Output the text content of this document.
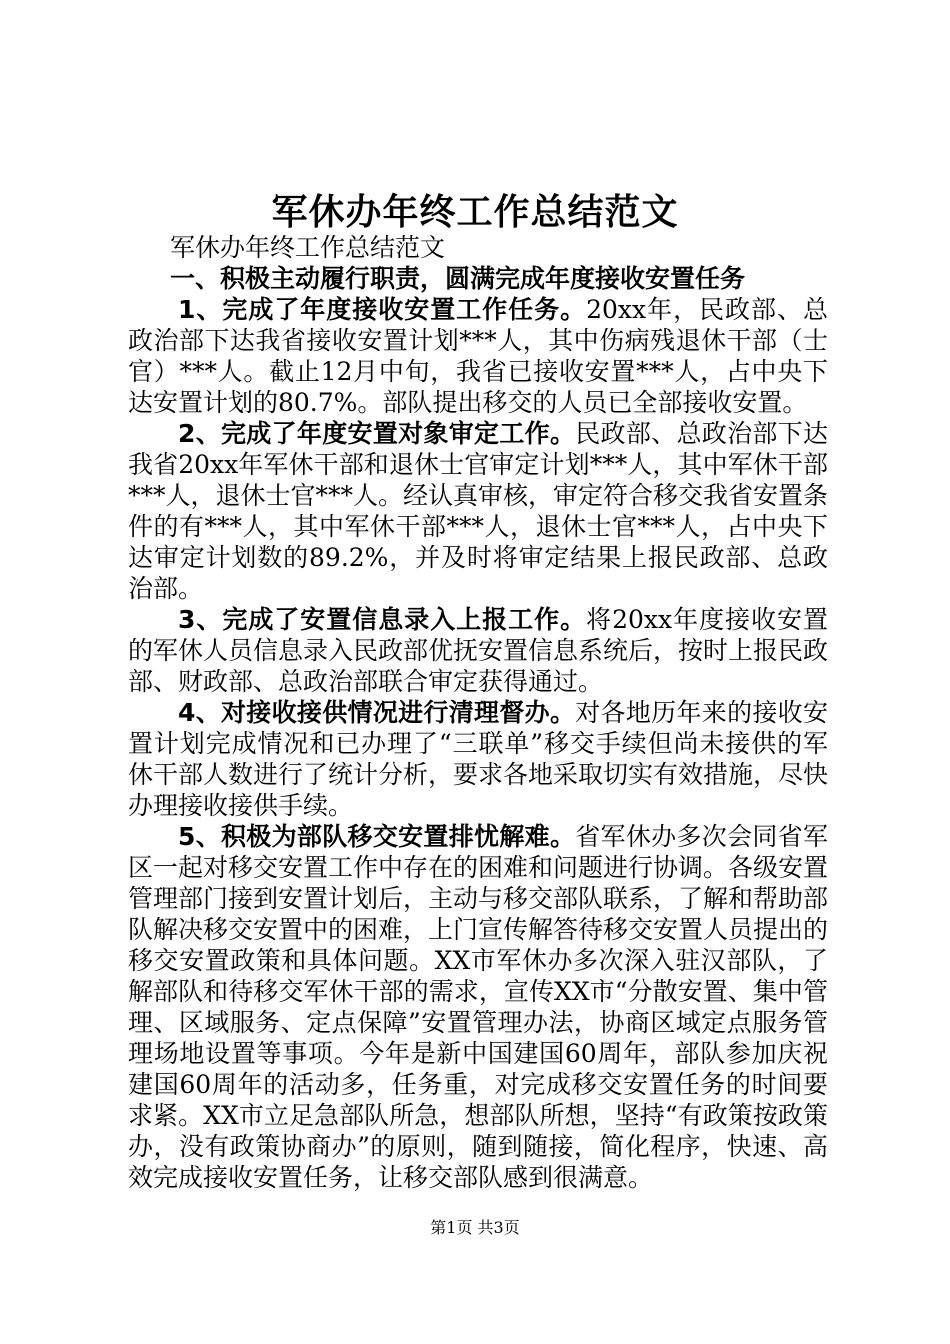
军休办年终工作总结范文

军休办年终工作总结范文

一、积极主动履行职责，圆满完成年度接收安置任务

1、完成了年度接收安置工作任务。20xx年，民政部、总政治部下达我省接收安置计划***人，其中伤病残退休干部（士官）***人。截止12月中旬，我省已接收安置***人，占中央下达安置计划的80.7%。部队提出移交的人员已全部接收安置。

2、完成了年度安置对象审定工作。民政部、总政治部下达我省20xx年军休干部和退休士官审定计划***人，其中军休干部***人，退休士官***人。经认真审核，审定符合移交我省安置条件的有***人，其中军休干部***人，退休士官***人，占中央下达审定计划数的89.2%，并及时将审定结果上报民政部、总政治部。

3、完成了安置信息录入上报工作。将20xx年度接收安置的军休人员信息录入民政部优抚安置信息系统后，按时上报民政部、财政部、总政治部联合审定获得通过。

4、对接收接供情况进行清理督办。对各地历年来的接收安置计划完成情况和已办理了“三联单”移交手续但尚未接供的军休干部人数进行了统计分析，要求各地采取切实有效措施，尽快办理接收接供手续。

5、积极为部队移交安置排忧解难。省军休办多次会同省军区一起对移交安置工作中存在的困难和问题进行协调。各级安置管理部门接到安置计划后，主动与移交部队联系，了解和帮助部队解决移交安置中的困难，上门宣传解答待移交安置人员提出的移交安置政策和具体问题。XX市军休办多次深入驻汉部队，了解部队和待移交军休干部的需求，宣传XX市“分散安置、集中管理、区域服务、定点保障”安置管理办法，协商区域定点服务管理场地设置等事项。今年是新中国建国60周年，部队参加庆祝建国60周年的活动多，任务重，对完成移交安置任务的时间要求紧。XX市立足急部队所急，想部队所想，坚持“有政策按政策办，没有政策协商办”的原则，随到随接，简化程序，快速、高效完成接收安置任务，让移交部队感到很满意。

第1页 共3页
